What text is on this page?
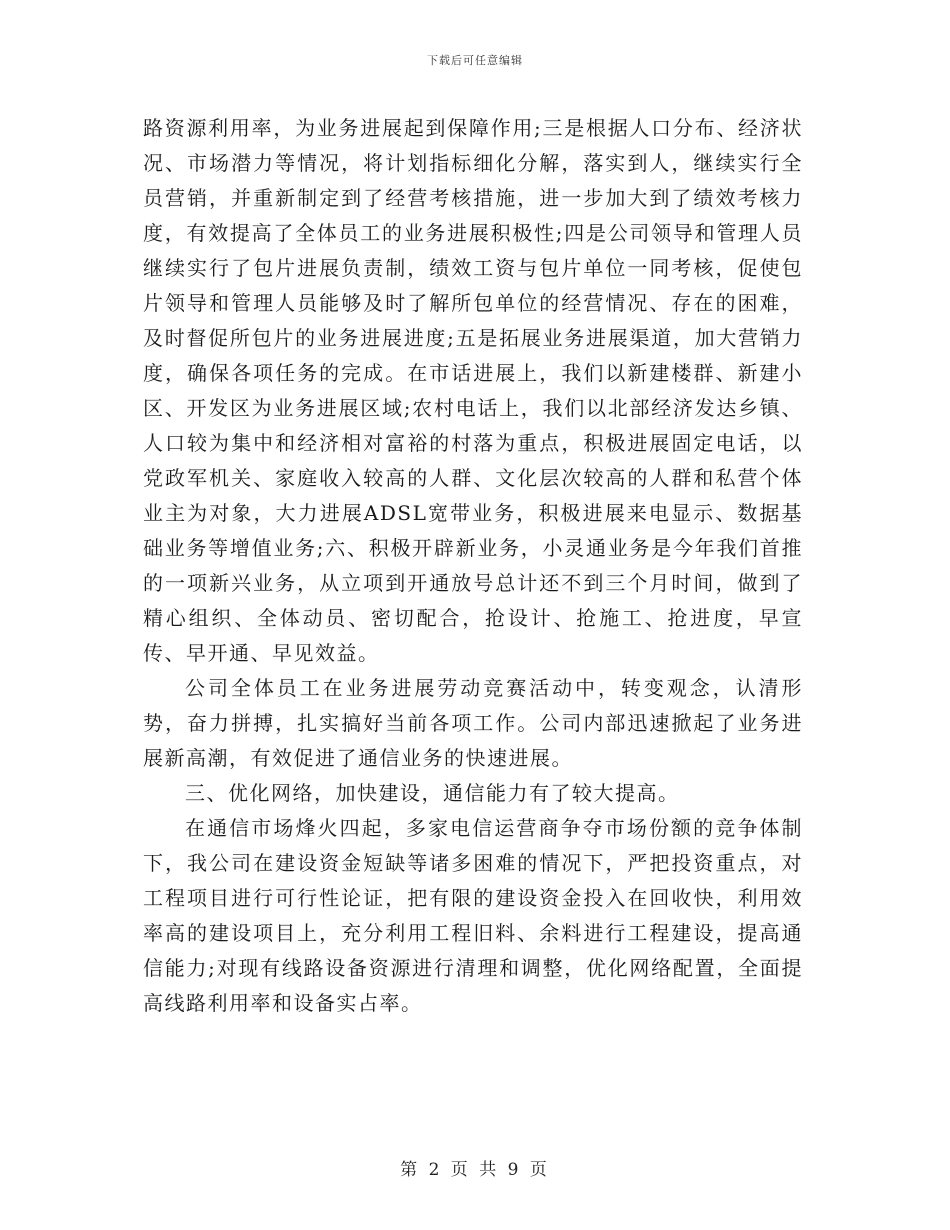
下载后可任意编辑

路资源利用率，为业务进展起到保障作用;三是根据人口分布、经济状况、市场潜力等情况，将计划指标细化分解，落实到人，继续实行全员营销，并重新制定到了经营考核措施，进一步加大到了绩效考核力度，有效提高了全体员工的业务进展积极性;四是公司领导和管理人员继续实行了包片进展负责制，绩效工资与包片单位一同考核，促使包片领导和管理人员能够及时了解所包单位的经营情况、存在的困难，及时督促所包片的业务进展进度;五是拓展业务进展渠道，加大营销力度，确保各项任务的完成。在市话进展上，我们以新建楼群、新建小区、开发区为业务进展区域;农村电话上，我们以北部经济发达乡镇、人口较为集中和经济相对富裕的村落为重点，积极进展固定电话，以党政军机关、家庭收入较高的人群、文化层次较高的人群和私营个体业主为对象，大力进展ADSL宽带业务，积极进展来电显示、数据基础业务等增值业务;六、积极开辟新业务，小灵通业务是今年我们首推的一项新兴业务，从立项到开通放号总计还不到三个月时间，做到了精心组织、全体动员、密切配合，抢设计、抢施工、抢进度，早宣传、早开通、早见效益。

公司全体员工在业务进展劳动竞赛活动中，转变观念，认清形势，奋力拼搏，扎实搞好当前各项工作。公司内部迅速掀起了业务进展新高潮，有效促进了通信业务的快速进展。

三、优化网络，加快建设，通信能力有了较大提高。

在通信市场烽火四起，多家电信运营商争夺市场份额的竞争体制下，我公司在建设资金短缺等诸多困难的情况下，严把投资重点，对工程项目进行可行性论证，把有限的建设资金投入在回收快，利用效率高的建设项目上，充分利用工程旧料、余料进行工程建设，提高通信能力;对现有线路设备资源进行清理和调整，优化网络配置，全面提高线路利用率和设备实占率。

第 2 页 共 9 页
